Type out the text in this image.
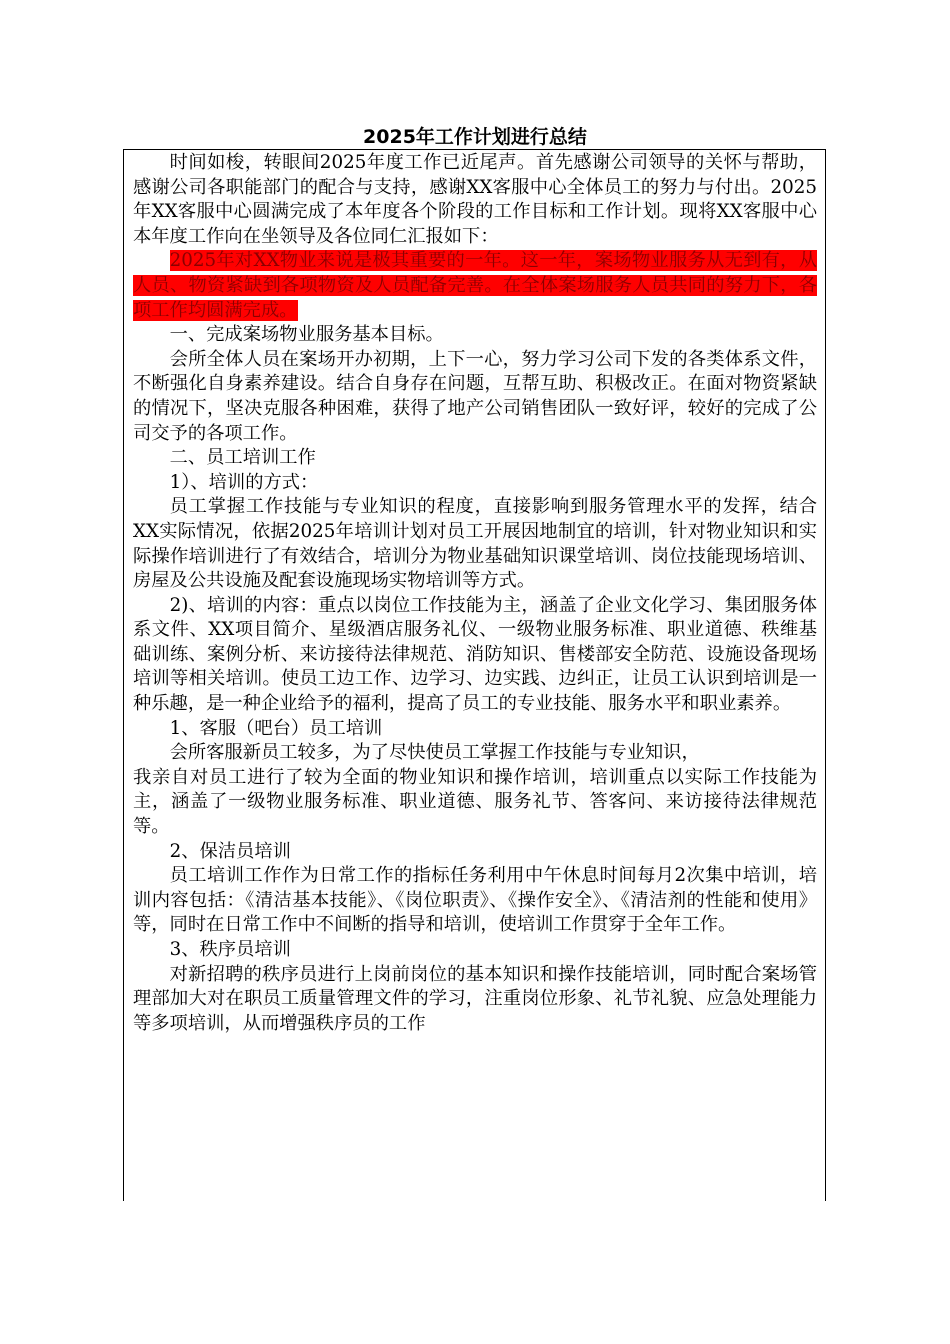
2025年工作计划进行总结

时间如梭，转眼间2025年度工作已近尾声。首先感谢公司领导的关怀与帮助，感谢公司各职能部门的配合与支持，感谢XX客服中心全体员工的努力与付出。2025年XX客服中心圆满完成了本年度各个阶段的工作目标和工作计划。现将XX客服中心本年度工作向在坐领导及各位同仁汇报如下：

2025年对XX物业来说是极其重要的一年。这一年，案场物业服务从无到有，从人员、物资紧缺到各项物资及人员配备完善。在全体案场服务人员共同的努力下，各项工作均圆满完成。

一、完成案场物业服务基本目标。

会所全体人员在案场开办初期，上下一心，努力学习公司下发的各类体系文件，不断强化自身素养建设。结合自身存在问题，互帮互助、积极改正。在面对物资紧缺的情况下，坚决克服各种困难，获得了地产公司销售团队一致好评，较好的完成了公司交予的各项工作。

二、员工培训工作

1）、培训的方式：

员工掌握工作技能与专业知识的程度，直接影响到服务管理水平的发挥，结合XX实际情况，依据2025年培训计划对员工开展因地制宜的培训，针对物业知识和实际操作培训进行了有效结合，培训分为物业基础知识课堂培训、岗位技能现场培训、房屋及公共设施及配套设施现场实物培训等方式。

2)、培训的内容：重点以岗位工作技能为主，涵盖了企业文化学习、集团服务体系文件、XX项目简介、星级酒店服务礼仪、一级物业服务标准、职业道德、秩维基础训练、案例分析、来访接待法律规范、消防知识、售楼部安全防范、设施设备现场培训等相关培训。使员工边工作、边学习、边实践、边纠正，让员工认识到培训是一种乐趣，是一种企业给予的福利，提高了员工的专业技能、服务水平和职业素养。

1、客服（吧台）员工培训

会所客服新员工较多，为了尽快使员工掌握工作技能与专业知识，

我亲自对员工进行了较为全面的物业知识和操作培训，培训重点以实际工作技能为主，涵盖了一级物业服务标准、职业道德、服务礼节、答客问、来访接待法律规范等。

2、保洁员培训

员工培训工作作为日常工作的指标任务利用中午休息时间每月2次集中培训，培训内容包括：《清洁基本技能》、《岗位职责》、《操作安全》、《清洁剂的性能和使用》等，同时在日常工作中不间断的指导和培训，使培训工作贯穿于全年工作。

3、秩序员培训

对新招聘的秩序员进行上岗前岗位的基本知识和操作技能培训，同时配合案场管理部加大对在职员工质量管理文件的学习，注重岗位形象、礼节礼貌、应急处理能力等多项培训，从而增强秩序员的工作
